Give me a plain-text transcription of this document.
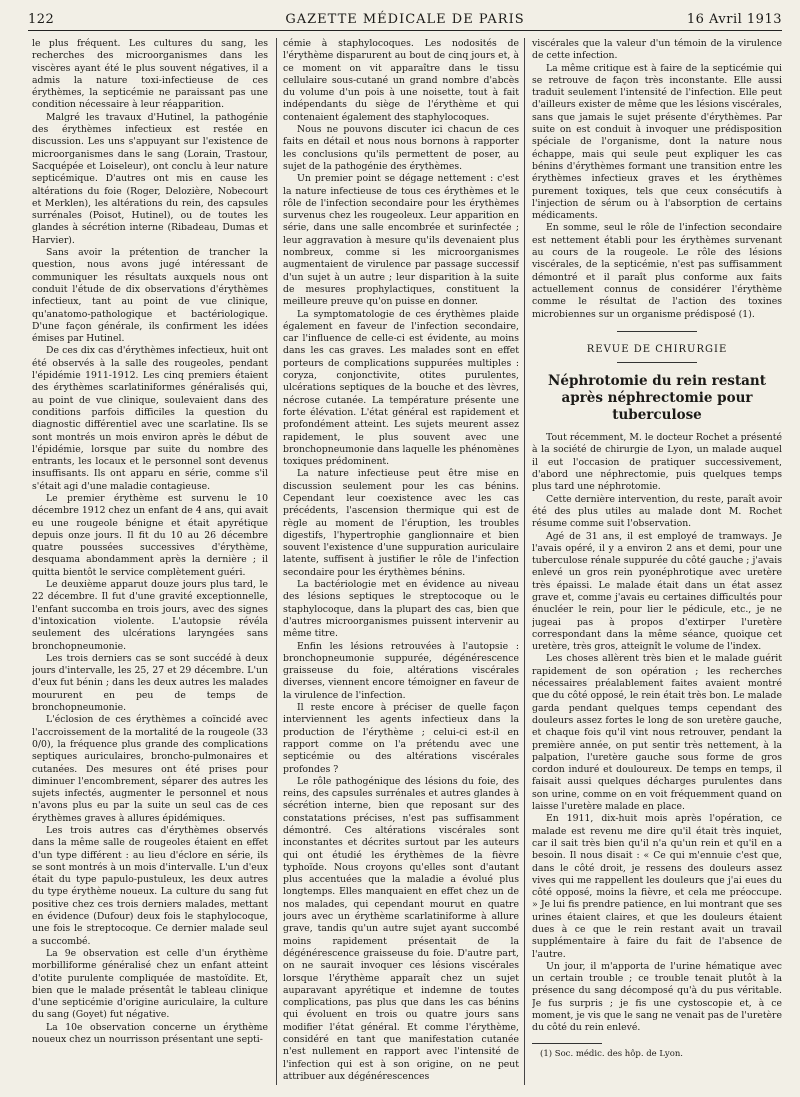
122	GAZETTE MÉDICALE DE PARIS	16 Avril 1913

le plus fréquent. Les cultures du sang, les recherches des microorganismes dans les viscères ayant été le plus souvent négatives, il a admis la nature toxi-infectieuse de ces érythèmes, la septicémie ne paraissant pas une condition nécessaire à leur réapparition.

Malgré les travaux d'Hutinel, la pathogénie des érythèmes infectieux est restée en discussion. Les uns s'appuyant sur l'existence de microorganismes dans le sang (Lorain, Trastour, Sacquépée et Loiseleur), ont conclu à leur nature septicémique. D'autres ont mis en cause les altérations du foie (Roger, Delozière, Nobecourt et Merklen), les altérations du rein, des capsules surrénales (Poisot, Hutinel), ou de toutes les glandes à sécrétion interne (Ribadeau, Dumas et Harvier).

Sans avoir la prétention de trancher la question, nous avons jugé intéressant de communiquer les résultats auxquels nous ont conduit l'étude de dix observations d'érythèmes infectieux, tant au point de vue clinique, qu'anatomo-pathologique et bactériologique. D'une façon générale, ils confirment les idées émises par Hutinel.

De ces dix cas d'érythèmes infectieux, huit ont été observés à la salle des rougeoles, pendant l'épidémie 1911-1912. Les cinq premiers étaient des érythèmes scarlatiniformes généralisés qui, au point de vue clinique, soulevaient dans des conditions parfois difficiles la question du diagnostic différentiel avec une scarlatine. Ils se sont montrés un mois environ après le début de l'épidémie, lorsque par suite du nombre des entrants, les locaux et le personnel sont devenus insuffisants. Ils ont apparu en série, comme s'il s'était agi d'une maladie contagieuse.

Le premier érythème est survenu le 10 décembre 1912 chez un enfant de 4 ans, qui avait eu une rougeole bénigne et était apyrétique depuis onze jours. Il fit du 10 au 26 décembre quatre poussées successives d'érythème, desquama abondamment après la dernière ; il quitta bientôt le service complètement guéri.

Le deuxième apparut douze jours plus tard, le 22 décembre. Il fut d'une gravité exceptionnelle, l'enfant succomba en trois jours, avec des signes d'intoxication violente. L'autopsie révéla seulement des ulcérations laryngées sans bronchopneumonie.

Les trois derniers cas se sont succédé à deux jours d'intervalle, les 25, 27 et 29 décembre. L'un d'eux fut bénin ; dans les deux autres les malades moururent en peu de temps de bronchopneumonie.

L'éclosion de ces érythèmes a coïncidé avec l'accroissement de la mortalité de la rougeole (33 0/0), la fréquence plus grande des complications septiques auriculaires, broncho-pulmonaires et cutanées. Des mesures ont été prises pour diminuer l'encombrement, séparer des autres les sujets infectés, augmenter le personnel et nous n'avons plus eu par la suite un seul cas de ces érythèmes graves à allures épidémiques.

Les trois autres cas d'érythèmes observés dans la même salle de rougeoles étaient en effet d'un type différent : au lieu d'éclore en série, ils se sont montrés à un mois d'intervalle. L'un d'eux était du type papulo-pustuleux, les deux autres du type érythème noueux. La culture du sang fut positive chez ces trois derniers malades, mettant en évidence (Dufour) deux fois le staphylocoque, une fois le streptocoque. Ce dernier malade seul a succombé.

La 9e observation est celle d'un érythème morbilliforme généralisé chez un enfant atteint d'otite purulente compliquée de mastoïdite. Et, bien que le malade présentât le tableau clinique d'une septicémie d'origine auriculaire, la culture du sang (Goyet) fut négative.

La 10e observation concerne un érythème noueux chez un nourrisson présentant une septi-

cémie à staphylocoques. Les nodosités de l'érythème disparurent au bout de cinq jours et, à ce moment on vit apparaître dans le tissu cellulaire sous-cutané un grand nombre d'abcès du volume d'un pois à une noisette, tout à fait indépendants du siège de l'érythème et qui contenaient également des staphylocoques.

Nous ne pouvons discuter ici chacun de ces faits en détail et nous nous bornons à rapporter les conclusions qu'ils permettent de poser, au sujet de la pathogénie des érythèmes.

Un premier point se dégage nettement : c'est la nature infectieuse de tous ces érythèmes et le rôle de l'infection secondaire pour les érythèmes survenus chez les rougeoleux. Leur apparition en série, dans une salle encombrée et surinfectée ; leur aggravation à mesure qu'ils devenaient plus nombreux, comme si les microorganismes augmentaient de virulence par passage successif d'un sujet à un autre ; leur disparition à la suite de mesures prophylactiques, constituent la meilleure preuve qu'on puisse en donner.

La symptomatologie de ces érythèmes plaide également en faveur de l'infection secondaire, car l'influence de celle-ci est évidente, au moins dans les cas graves. Les malades sont en effet porteurs de complications suppurées multiples : coryza, conjonctivite, otites purulentes, ulcérations septiques de la bouche et des lèvres, nécrose cutanée. La température présente une forte élévation. L'état général est rapidement et profondément atteint. Les sujets meurent assez rapidement, le plus souvent avec une bronchopneumonie dans laquelle les phénomènes toxiques prédominent.

La nature infectieuse peut être mise en discussion seulement pour les cas bénins. Cependant leur coexistence avec les cas précédents, l'ascension thermique qui est de règle au moment de l'éruption, les troubles digestifs, l'hypertrophie ganglionnaire et bien souvent l'existence d'une suppuration auriculaire latente, suffisent à justifier le rôle de l'infection secondaire pour les érythèmes bénins.

La bactériologie met en évidence au niveau des lésions septiques le streptocoque ou le staphylocoque, dans la plupart des cas, bien que d'autres microorganismes puissent intervenir au même titre.

Enfin les lésions retrouvées à l'autopsie : bronchopneumonie suppurée, dégénérescence graisseuse du foie, altérations viscérales diverses, viennent encore témoigner en faveur de la virulence de l'infection.

Il reste encore à préciser de quelle façon interviennent les agents infectieux dans la production de l'érythème ; celui-ci est-il en rapport comme on l'a prétendu avec une septicémie ou des altérations viscérales profondes ?

Le rôle pathogénique des lésions du foie, des reins, des capsules surrénales et autres glandes à sécrétion interne, bien que reposant sur des constatations précises, n'est pas suffisamment démontré. Ces altérations viscérales sont inconstantes et décrites surtout par les auteurs qui ont étudié les érythèmes de la fièvre typhoïde. Nous croyons qu'elles sont d'autant plus accentuées que la maladie a évolué plus longtemps. Elles manquaient en effet chez un de nos malades, qui cependant mourut en quatre jours avec un érythème scarlatiniforme à allure grave, tandis qu'un autre sujet ayant succombé moins rapidement présentait de la dégénérescence graisseuse du foie. D'autre part, on ne saurait invoquer ces lésions viscérales lorsque l'érythème apparaît chez un sujet auparavant apyrétique et indemne de toutes complications, pas plus que dans les cas bénins qui évoluent en trois ou quatre jours sans modifier l'état général. Et comme l'érythème, considéré en tant que manifestation cutanée n'est nullement en rapport avec l'intensité de l'infection qui est à son origine, on ne peut attribuer aux dégénérescences

viscérales que la valeur d'un témoin de la virulence de cette infection.

La même critique est à faire de la septicémie qui se retrouve de façon très inconstante. Elle aussi traduit seulement l'intensité de l'infection. Elle peut d'ailleurs exister de même que les lésions viscérales, sans que jamais le sujet présente d'érythèmes. Par suite on est conduit à invoquer une prédisposition spéciale de l'organisme, dont la nature nous échappe, mais qui seule peut expliquer les cas bénins d'érythèmes formant une transition entre les érythèmes infectieux graves et les érythèmes purement toxiques, tels que ceux consécutifs à l'injection de sérum ou à l'absorption de certains médicaments.

En somme, seul le rôle de l'infection secondaire est nettement établi pour les érythèmes survenant au cours de la rougeole. Le rôle des lésions viscérales, de la septicémie, n'est pas suffisamment démontré et il paraît plus conforme aux faits actuellement connus de considérer l'érythème comme le résultat de l'action des toxines microbiennes sur un organisme prédisposé (1).

REVUE DE CHIRURGIE
Néphrotomie du rein restant
après néphrectomie pour tuberculose

Tout récemment, M. le docteur Rochet a présenté à la société de chirurgie de Lyon, un malade auquel il eut l'occasion de pratiquer successivement, d'abord une néphrectomie, puis quelques temps plus tard une néphrotomie.

Cette dernière intervention, du reste, paraît avoir été des plus utiles au malade dont M. Rochet résume comme suit l'observation.

Agé de 31 ans, il est employé de tramways. Je l'avais opéré, il y a environ 2 ans et demi, pour une tuberculose rénale suppurée du côté gauche ; j'avais enlevé un gros rein pyonéphrotique avec uretère très épaissi. Le malade était dans un état assez grave et, comme j'avais eu certaines difficultés pour énucléer le rein, pour lier le pédicule, etc., je ne jugeai pas à propos d'extirper l'uretère correspondant dans la même séance, quoique cet uretère, très gros, atteignît le volume de l'index.

Les choses allèrent très bien et le malade guérit rapidement de son opération ; les recherches nécessaires préalablement faites avaient montré que du côté opposé, le rein était très bon. Le malade garda pendant quelques temps cependant des douleurs assez fortes le long de son uretère gauche, et chaque fois qu'il vint nous retrouver, pendant la première année, on put sentir très nettement, à la palpation, l'uretère gauche sous forme de gros cordon induré et douloureux. De temps en temps, il faisait aussi quelques décharges purulentes dans son urine, comme on en voit fréquemment quand on laisse l'uretère malade en place.

En 1911, dix-huit mois après l'opération, ce malade est revenu me dire qu'il était très inquiet, car il sait très bien qu'il n'a qu'un rein et qu'il en a besoin. Il nous disait : « Ce qui m'ennuie c'est que, dans le côté droit, je ressens des douleurs assez vives qui me rappellent les douleurs que j'ai eues du côté opposé, moins la fièvre, et cela me préoccupe. » Je lui fis prendre patience, en lui montrant que ses urines étaient claires, et que les douleurs étaient dues à ce que le rein restant avait un travail supplémentaire à faire du fait de l'absence de l'autre.

Un jour, il m'apporta de l'urine hématique avec un certain trouble ; ce trouble tenait plutôt à la présence du sang décomposé qu'à du pus véritable. Je fus surpris ; je fis une cystoscopie et, à ce moment, je vis que le sang ne venait pas de l'uretère du côté du rein enlevé.

(1) Soc. médic. des hôp. de Lyon.
